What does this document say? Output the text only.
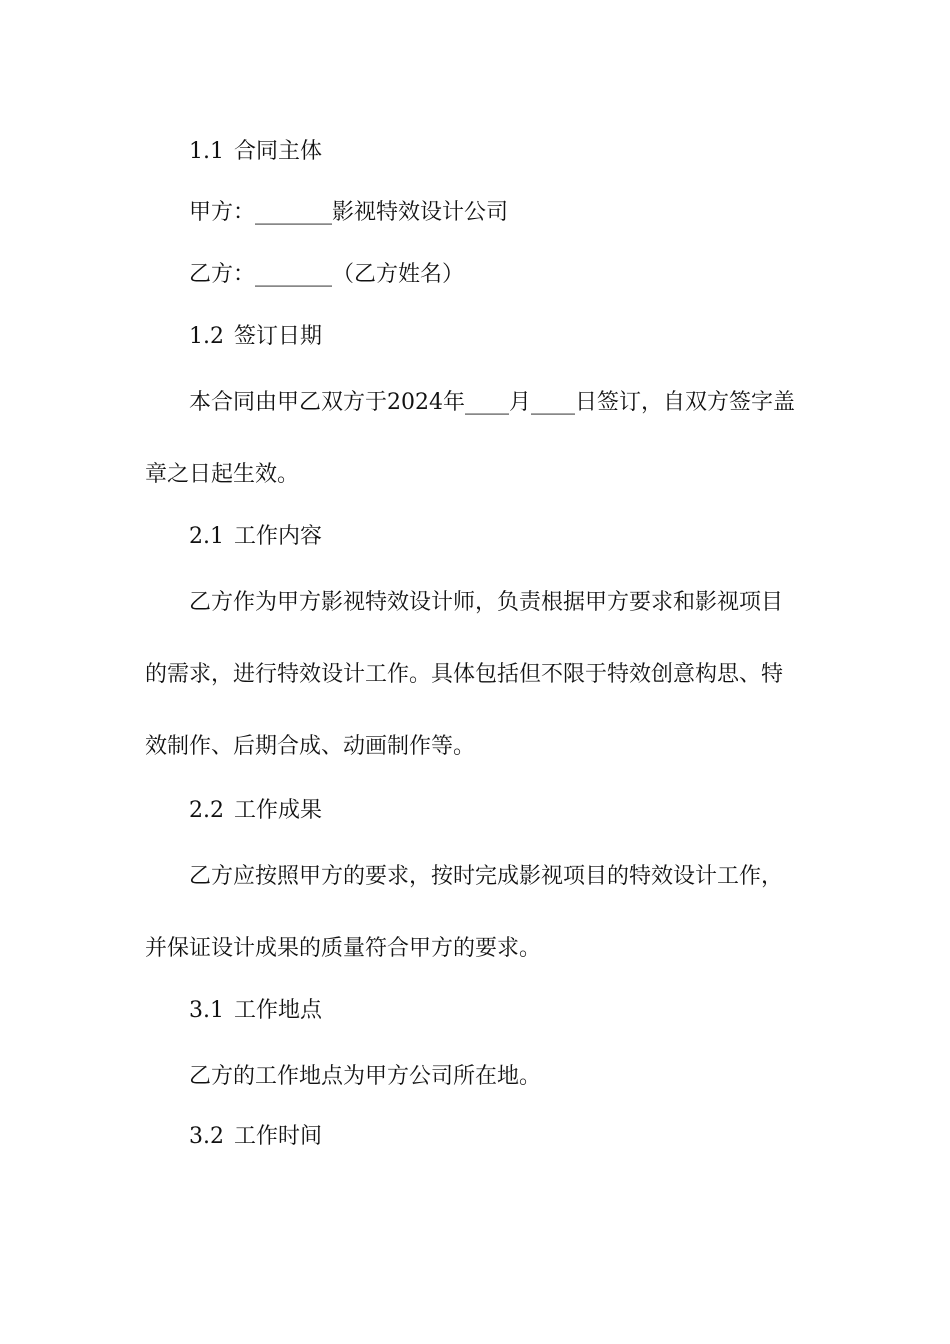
1.1 合同主体
甲方：_______影视特效设计公司
乙方：_______（乙方姓名）
1.2 签订日期
本合同由甲乙双方于2024年____月____日签订，自双方签字盖
章之日起生效。
2.1 工作内容
乙方作为甲方影视特效设计师，负责根据甲方要求和影视项目
的需求，进行特效设计工作。具体包括但不限于特效创意构思、特
效制作、后期合成、动画制作等。
2.2 工作成果
乙方应按照甲方的要求，按时完成影视项目的特效设计工作，
并保证设计成果的质量符合甲方的要求。
3.1 工作地点
乙方的工作地点为甲方公司所在地。
3.2 工作时间
